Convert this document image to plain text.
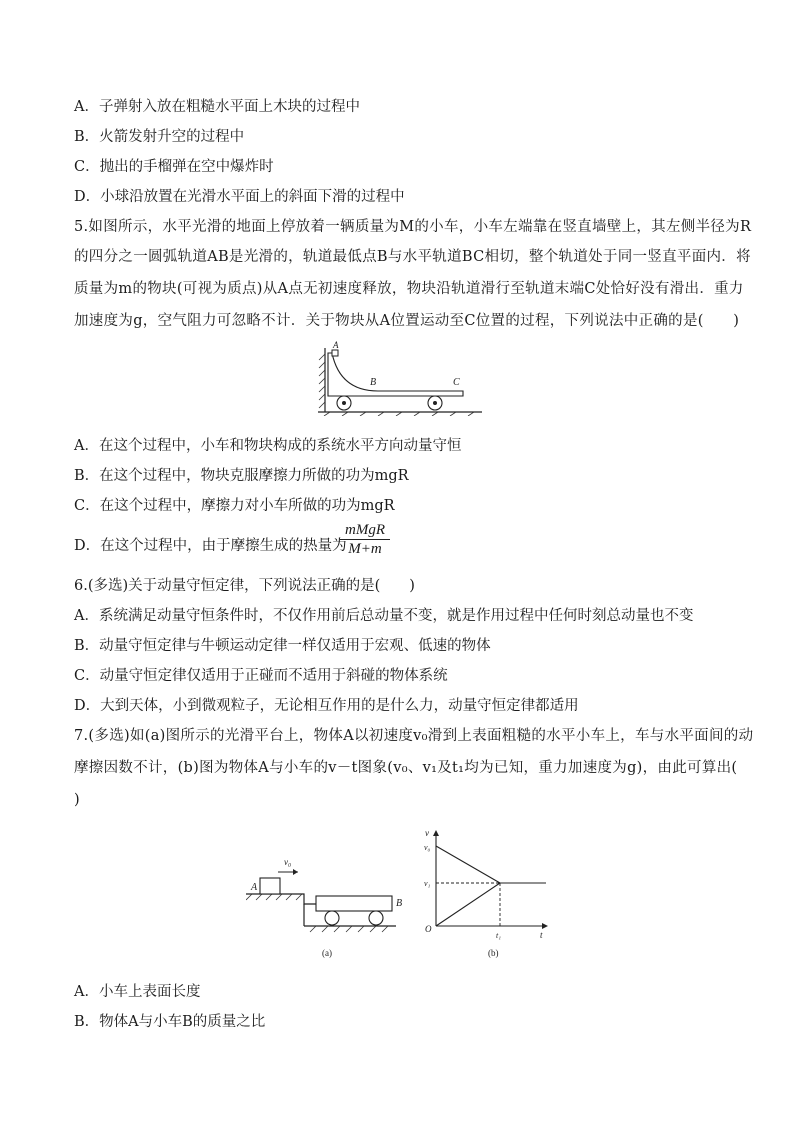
A．子弹射入放在粗糙水平面上木块的过程中
B．火箭发射升空的过程中
C．抛出的手榴弹在空中爆炸时
D．小球沿放置在光滑水平面上的斜面下滑的过程中
5.如图所示，水平光滑的地面上停放着一辆质量为M的小车，小车左端靠在竖直墙壁上，其左侧半径为R
的四分之一圆弧轨道AB是光滑的，轨道最低点B与水平轨道BC相切，整个轨道处于同一竖直平面内．将
质量为m的物块(可视为质点)从A点无初速度释放，物块沿轨道滑行至轨道末端C处恰好没有滑出．重力
加速度为g，空气阻力可忽略不计．关于物块从A位置运动至C位置的过程，下列说法中正确的是(　　)
A
B	C
A．在这个过程中，小车和物块构成的系统水平方向动量守恒
B．在这个过程中，物块克服摩擦力所做的功为mgR
C．在这个过程中，摩擦力对小车所做的功为mgR
D．在这个过程中，由于摩擦生成的热量为
mMgR
M+m
6.(多选)关于动量守恒定律，下列说法正确的是(　　)
A．系统满足动量守恒条件时，不仅作用前后总动量不变，就是作用过程中任何时刻总动量也不变
B．动量守恒定律与牛顿运动定律一样仅适用于宏观、低速的物体
C．动量守恒定律仅适用于正碰而不适用于斜碰的物体系统
D．大到天体，小到微观粒子，无论相互作用的是什么力，动量守恒定律都适用
7.(多选)如(a)图所示的光滑平台上，物体A以初速度v₀滑到上表面粗糙的水平小车上，车与水平面间的动
摩擦因数不计，(b)图为物体A与小车的v－t图象(v₀、v₁及t₁均为已知，重力加速度为g)，由此可算出(
)
A
v₀
B
(a)
v
v₀
v₁
O
t₁	t
(b)
A．小车上表面长度
B．物体A与小车B的质量之比
